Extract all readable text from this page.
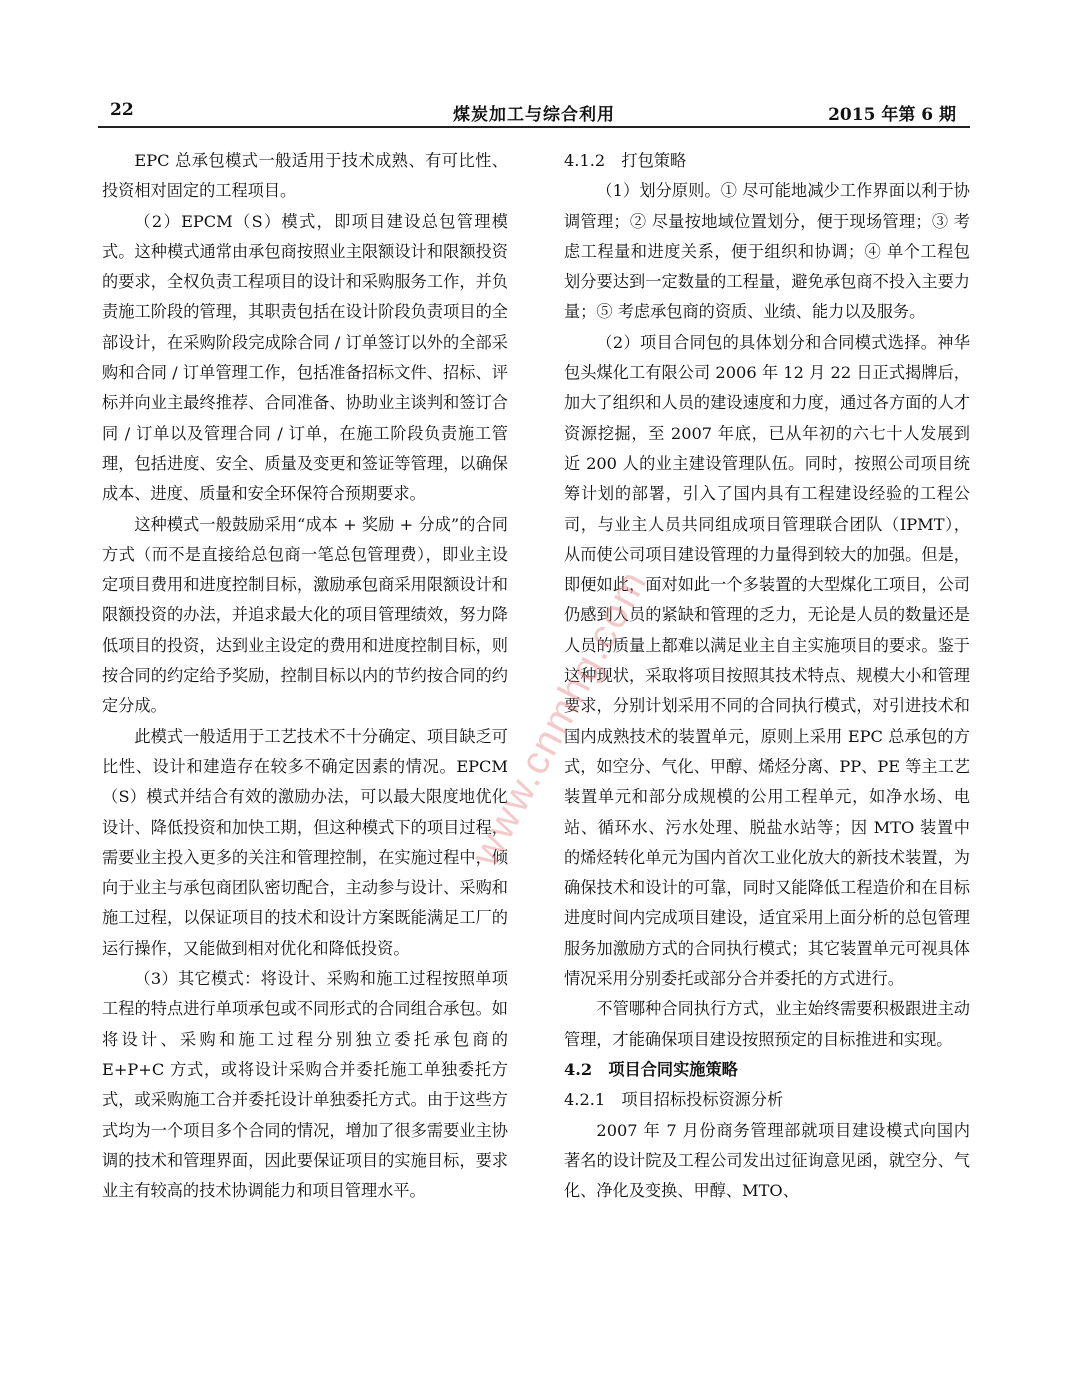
煤炭加工与综合利用
22	2015 年第 6 期

EPC 总承包模式一般适用于技术成熟、有可比性、投资相对固定的工程项目。

（2）EPCM（S）模式，即项目建设总包管理模式。这种模式通常由承包商按照业主限额设计和限额投资的要求，全权负责工程项目的设计和采购服务工作，并负责施工阶段的管理，其职责包括在设计阶段负责项目的全部设计，在采购阶段完成除合同 / 订单签订以外的全部采购和合同 / 订单管理工作，包括准备招标文件、招标、评标并向业主最终推荐、合同准备、协助业主谈判和签订合同 / 订单以及管理合同 / 订单，在施工阶段负责施工管理，包括进度、安全、质量及变更和签证等管理，以确保成本、进度、质量和安全环保符合预期要求。

这种模式一般鼓励采用“成本 + 奖励 + 分成”的合同方式（而不是直接给总包商一笔总包管理费），即业主设定项目费用和进度控制目标，激励承包商采用限额设计和限额投资的办法，并追求最大化的项目管理绩效，努力降低项目的投资，达到业主设定的费用和进度控制目标，则按合同的约定给予奖励，控制目标以内的节约按合同的约定分成。

此模式一般适用于工艺技术不十分确定、项目缺乏可比性、设计和建造存在较多不确定因素的情况。EPCM（S）模式并结合有效的激励办法，可以最大限度地优化设计、降低投资和加快工期，但这种模式下的项目过程，需要业主投入更多的关注和管理控制，在实施过程中，倾向于业主与承包商团队密切配合，主动参与设计、采购和施工过程，以保证项目的技术和设计方案既能满足工厂的运行操作，又能做到相对优化和降低投资。

（3）其它模式：将设计、采购和施工过程按照单项工程的特点进行单项承包或不同形式的合同组合承包。如将设计、采购和施工过程分别独立委托承包商的 E+P+C 方式，或将设计采购合并委托施工单独委托方式，或采购施工合并委托设计单独委托方式。由于这些方式均为一个项目多个合同的情况，增加了很多需要业主协调的技术和管理界面，因此要保证项目的实施目标，要求业主有较高的技术协调能力和项目管理水平。

4.1.2　打包策略

（1）划分原则。① 尽可能地减少工作界面以利于协调管理；② 尽量按地域位置划分，便于现场管理；③ 考虑工程量和进度关系，便于组织和协调；④ 单个工程包划分要达到一定数量的工程量，避免承包商不投入主要力量；⑤ 考虑承包商的资质、业绩、能力以及服务。

（2）项目合同包的具体划分和合同模式选择。神华包头煤化工有限公司 2006 年 12 月 22 日正式揭牌后，加大了组织和人员的建设速度和力度，通过各方面的人才资源挖掘，至 2007 年底，已从年初的六七十人发展到近 200 人的业主建设管理队伍。同时，按照公司项目统筹计划的部署，引入了国内具有工程建设经验的工程公司，与业主人员共同组成项目管理联合团队（IPMT），从而使公司项目建设管理的力量得到较大的加强。但是，即便如此，面对如此一个多装置的大型煤化工项目，公司仍感到人员的紧缺和管理的乏力，无论是人员的数量还是人员的质量上都难以满足业主自主实施项目的要求。鉴于这种现状，采取将项目按照其技术特点、规模大小和管理要求，分别计划采用不同的合同执行模式，对引进技术和国内成熟技术的装置单元，原则上采用 EPC 总承包的方式，如空分、气化、甲醇、烯烃分离、PP、PE 等主工艺装置单元和部分成规模的公用工程单元，如净水场、电站、循环水、污水处理、脱盐水站等；因 MTO 装置中的烯烃转化单元为国内首次工业化放大的新技术装置，为确保技术和设计的可靠，同时又能降低工程造价和在目标进度时间内完成项目建设，适宜采用上面分析的总包管理服务加激励方式的合同执行模式；其它装置单元可视具体情况采用分别委托或部分合并委托的方式进行。

不管哪种合同执行方式，业主始终需要积极跟进主动管理，才能确保项目建设按照预定的目标推进和实现。

4.2　项目合同实施策略
4.2.1　项目招标投标资源分析

2007 年 7 月份商务管理部就项目建设模式向国内著名的设计院及工程公司发出过征询意见函，就空分、气化、净化及变换、甲醇、MTO、

www.cnmhg.com
